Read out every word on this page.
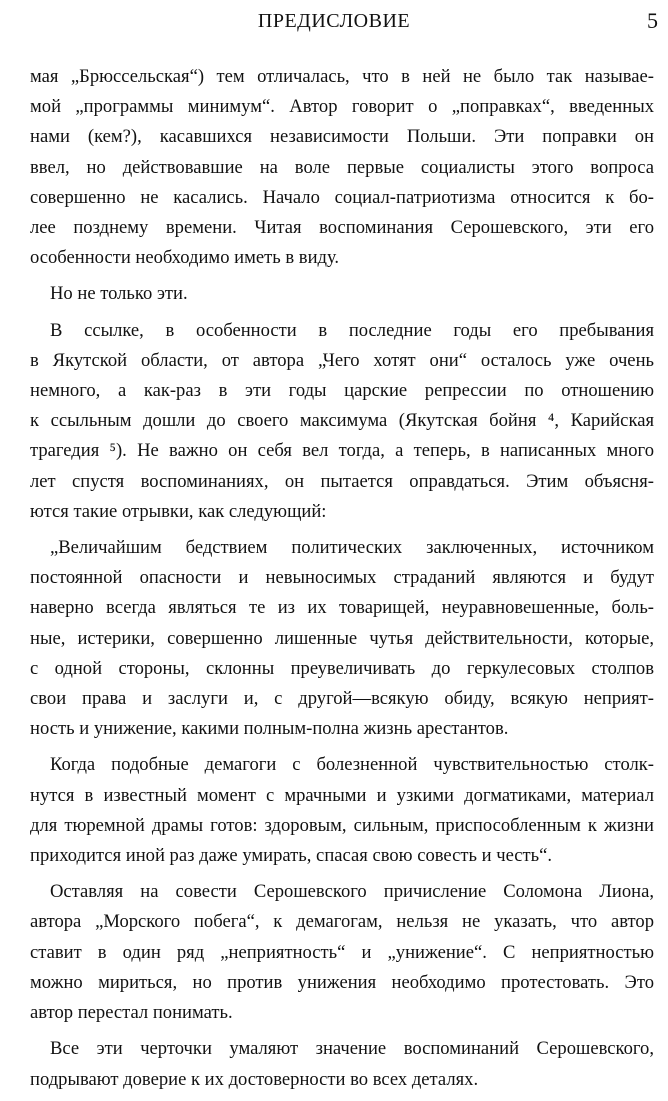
ПРЕДИСЛОВИЕ	5
мая „Брюссельская“) тем отличалась, что в ней не было так называе-
мой „программы минимум“. Автор говорит о „поправках“, введенных
нами (кем?), касавшихся независимости Польши. Эти поправки он
ввел, но действовавшие на воле первые социалисты этого вопроса
совершенно не касались. Начало социал-патриотизма относится к бо-
лее позднему времени. Читая воспоминания Серошевского, эти его
особенности необходимо иметь в виду.
Но не только эти.
В ссылке, в особенности в последние годы его пребывания
в Якутской области, от автора „Чего хотят они“ осталось уже очень
немного, а как-раз в эти годы царские репрессии по отношению
к ссыльным дошли до своего максимума (Якутская бойня ⁴, Карийская
трагедия ⁵). Не важно он себя вел тогда, а теперь, в написанных много
лет спустя воспоминаниях, он пытается оправдаться. Этим объясня-
ются такие отрывки, как следующий:
„Величайшим бедствием политических заключенных, источником
постоянной опасности и невыносимых страданий являются и будут
наверно всегда являться те из их товарищей, неуравновешенные, боль-
ные, истерики, совершенно лишенные чутья действительности, которые,
с одной стороны, склонны преувеличивать до геркулесовых столпов
свои права и заслуги и, с другой—всякую обиду, всякую неприят-
ность и унижение, какими полным-полна жизнь арестантов.
Когда подобные демагоги с болезненной чувствительностью столк-
нутся в известный момент с мрачными и узкими догматиками, материал
для тюремной драмы готов: здоровым, сильным, приспособленным к жизни
приходится иной раз даже умирать, спасая свою совесть и честь“.
Оставляя на совести Серошевского причисление Соломона Лиона,
автора „Морского побега“, к демагогам, нельзя не указать, что автор
ставит в один ряд „неприятность“ и „унижение“. С неприятностью
можно мириться, но против унижения необходимо протестовать. Это
автор перестал понимать.
Все эти черточки умаляют значение воспоминаний Серошевского,
подрывают доверие к их достоверности во всех деталях.
